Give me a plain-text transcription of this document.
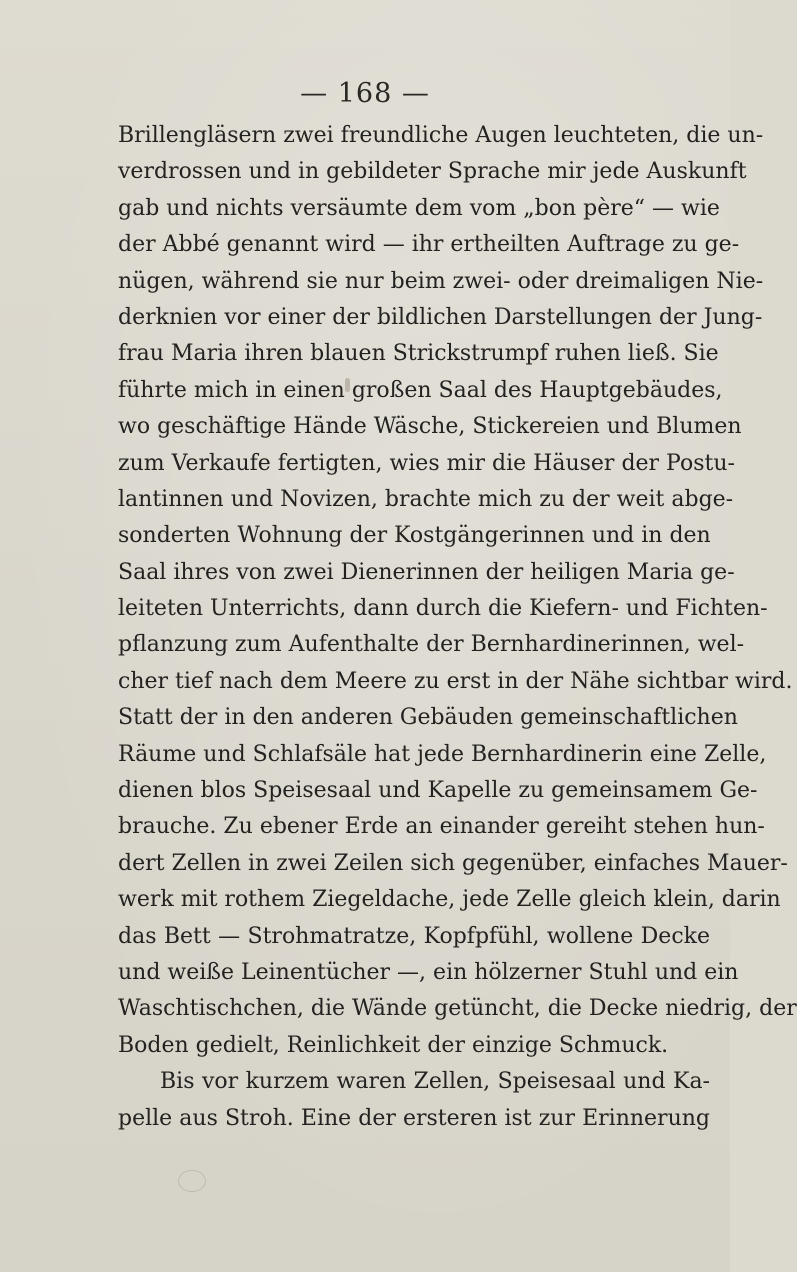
— 168 —
Brillengläsern zwei freundliche Augen leuchteten, die un-
verdrossen und in gebildeter Sprache mir jede Auskunft
gab und nichts versäumte dem vom „bon père“ — wie
der Abbé genannt wird — ihr ertheilten Auftrage zu ge-
nügen, während sie nur beim zwei- oder dreimaligen Nie-
derknien vor einer der bildlichen Darstellungen der Jung-
frau Maria ihren blauen Strickstrumpf ruhen ließ. Sie
führte mich in einen großen Saal des Hauptgebäudes,
wo geschäftige Hände Wäsche, Stickereien und Blumen
zum Verkaufe fertigten, wies mir die Häuser der Postu-
lantinnen und Novizen, brachte mich zu der weit abge-
sonderten Wohnung der Kostgängerinnen und in den
Saal ihres von zwei Dienerinnen der heiligen Maria ge-
leiteten Unterrichts, dann durch die Kiefern- und Fichten-
pflanzung zum Aufenthalte der Bernhardinerinnen, wel-
cher tief nach dem Meere zu erst in der Nähe sichtbar wird.
Statt der in den anderen Gebäuden gemeinschaftlichen
Räume und Schlafsäle hat jede Bernhardinerin eine Zelle,
dienen blos Speisesaal und Kapelle zu gemeinsamem Ge-
brauche. Zu ebener Erde an einander gereiht stehen hun-
dert Zellen in zwei Zeilen sich gegenüber, einfaches Mauer-
werk mit rothem Ziegeldache, jede Zelle gleich klein, darin
das Bett — Strohmatratze, Kopfpfühl, wollene Decke
und weiße Leinentücher —, ein hölzerner Stuhl und ein
Waschtischchen, die Wände getüncht, die Decke niedrig, der
Boden gedielt, Reinlichkeit der einzige Schmuck.
Bis vor kurzem waren Zellen, Speisesaal und Ka-
pelle aus Stroh. Eine der ersteren ist zur Erinnerung
